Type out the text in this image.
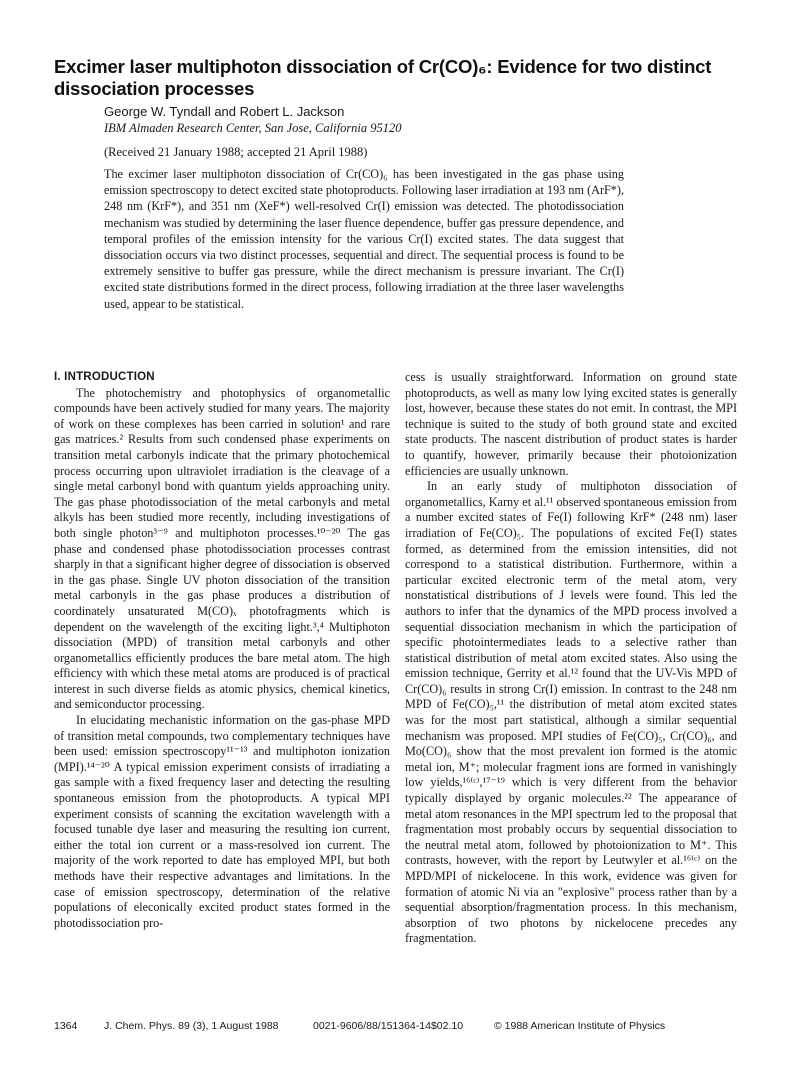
Excimer laser multiphoton dissociation of Cr(CO)₆: Evidence for two distinct dissociation processes
George W. Tyndall and Robert L. Jackson
IBM Almaden Research Center, San Jose, California 95120
(Received 21 January 1988; accepted 21 April 1988)
The excimer laser multiphoton dissociation of Cr(CO)₆ has been investigated in the gas phase using emission spectroscopy to detect excited state photoproducts. Following laser irradiation at 193 nm (ArF*), 248 nm (KrF*), and 351 nm (XeF*) well-resolved Cr(I) emission was detected. The photodissociation mechanism was studied by determining the laser fluence dependence, buffer gas pressure dependence, and temporal profiles of the emission intensity for the various Cr(I) excited states. The data suggest that dissociation occurs via two distinct processes, sequential and direct. The sequential process is found to be extremely sensitive to buffer gas pressure, while the direct mechanism is pressure invariant. The Cr(I) excited state distributions formed in the direct process, following irradiation at the three laser wavelengths used, appear to be statistical.

I. INTRODUCTION

The photochemistry and photophysics of organometallic compounds have been actively studied for many years. The majority of work on these complexes has been carried in solution¹ and rare gas matrices.² Results from such condensed phase experiments on transition metal carbonyls indicate that the primary photochemical process occurring upon ultraviolet irradiation is the cleavage of a single metal carbonyl bond with quantum yields approaching unity. The gas phase photodissociation of the metal carbonyls and metal alkyls has been studied more recently, including investigations of both single photon³⁻⁹ and multiphoton processes.¹⁰⁻²⁰ The gas phase and condensed phase photodissociation processes contrast sharply in that a significant higher degree of dissociation is observed in the gas phase. Single UV photon dissociation of the transition metal carbonyls in the gas phase produces a distribution of coordinately unsaturated M(CO)ₓ photofragments which is dependent on the wavelength of the exciting light.³,⁴ Multiphoton dissociation (MPD) of transition metal carbonyls and other organometallics efficiently produces the bare metal atom. The high efficiency with which these metal atoms are produced is of practical interest in such diverse fields as atomic physics, chemical kinetics, and semiconductor processing.

In elucidating mechanistic information on the gas-phase MPD of transition metal compounds, two complementary techniques have been used: emission spectroscopy¹¹⁻¹³ and multiphoton ionization (MPI).¹⁴⁻²⁰ A typical emission experiment consists of irradiating a gas sample with a fixed frequency laser and detecting the resulting spontaneous emission from the photoproducts. A typical MPI experiment consists of scanning the excitation wavelength with a focused tunable dye laser and measuring the resulting ion current, either the total ion current or a mass-resolved ion current. The majority of the work reported to date has employed MPI, but both methods have their respective advantages and limitations. In the case of emission spectroscopy, determination of the relative populations of eleconically excited product states formed in the photodissociation pro-

cess is usually straightforward. Information on ground state photoproducts, as well as many low lying excited states is generally lost, however, because these states do not emit. In contrast, the MPI technique is suited to the study of both ground state and excited state products. The nascent distribution of product states is harder to quantify, however, primarily because their photoionization efficiencies are usually unknown.

In an early study of multiphoton dissociation of organometallics, Karny et al.¹¹ observed spontaneous emission from a number excited states of Fe(I) following KrF* (248 nm) laser irradiation of Fe(CO)₅. The populations of excited Fe(I) states formed, as determined from the emission intensities, did not correspond to a statistical distribution. Furthermore, within a particular excited electronic term of the metal atom, very nonstatistical distributions of J levels were found. This led the authors to infer that the dynamics of the MPD process involved a sequential dissociation mechanism in which the participation of specific photointermediates leads to a selective rather than statistical distribution of metal atom excited states. Also using the emission technique, Gerrity et al.¹² found that the UV-Vis MPD of Cr(CO)₆ results in strong Cr(I) emission. In contrast to the 248 nm MPD of Fe(CO)₅,¹¹ the distribution of metal atom excited states was for the most part statistical, although a similar sequential mechanism was proposed. MPI studies of Fe(CO)₅, Cr(CO)₆, and Mo(CO)₆ show that the most prevalent ion formed is the atomic metal ion, M⁺; molecular fragment ions are formed in vanishingly low yields,¹⁶⁽ᶜ⁾,¹⁷⁻¹⁹ which is very different from the behavior typically displayed by organic molecules.²² The appearance of metal atom resonances in the MPI spectrum led to the proposal that fragmentation most probably occurs by sequential dissociation to the neutral metal atom, followed by photoionization to M⁺. This contrasts, however, with the report by Leutwyler et al.¹⁶⁽ᶜ⁾ on the MPD/MPI of nickelocene. In this work, evidence was given for formation of atomic Ni via an "explosive" process rather than by a sequential absorption/fragmentation process. In this mechanism, absorption of two photons by nickelocene precedes any fragmentation.

1364	J. Chem. Phys. 89 (3), 1 August 1988	0021-9606/88/151364-14$02.10	© 1988 American Institute of Physics
